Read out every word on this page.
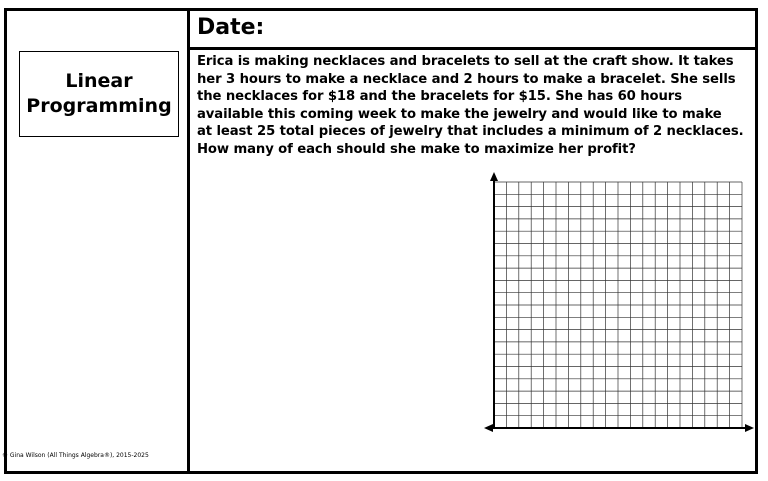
Date:
Linear
Programming
Erica is making necklaces and bracelets to sell at the craft show. It takes
her 3 hours to make a necklace and 2 hours to make a bracelet. She sells
the necklaces for $18 and the bracelets for $15. She has 60 hours
available this coming week to make the jewelry and would like to make
at least 25 total pieces of jewelry that includes a minimum of 2 necklaces.
How many of each should she make to maximize her profit?
© Gina Wilson (All Things Algebra®), 2015-2025
